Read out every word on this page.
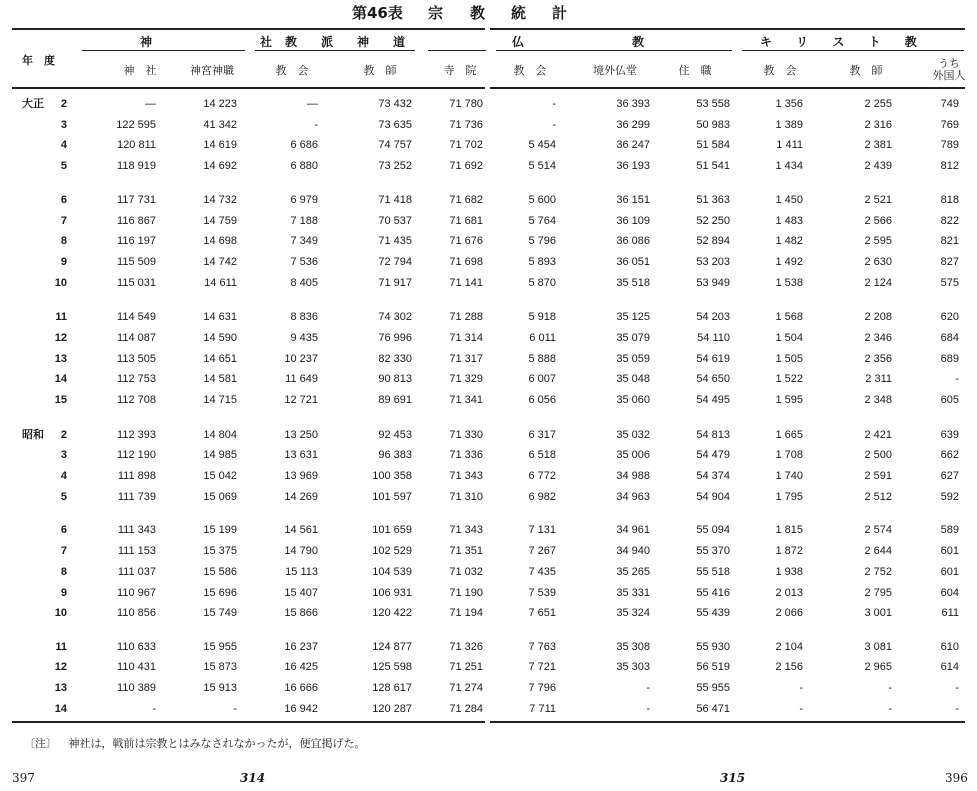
第46表 宗 教 統 計
年　度
神　　社
教派神道	仏　　　教	キ リ ス ト 教
神　社	神宮神職	教　会	教　師	寺　院	教　会	境外仏堂	住　職	教　会	教　師
うち
外国人
大正	2	—	14 223	—	73 432	71 780	-	36 393	53 558	1 356	2 255	749
3	122 595	41 342	-	73 635	71 736	-	36 299	50 983	1 389	2 316	769
4	120 811	14 619	6 686	74 757	71 702	5 454	36 247	51 584	1 411	2 381	789
5	118 919	14 692	6 880	73 252	71 692	5 514	36 193	51 541	1 434	2 439	812
6	117 731	14 732	6 979	71 418	71 682	5 600	36 151	51 363	1 450	2 521	818
7	116 867	14 759	7 188	70 537	71 681	5 764	36 109	52 250	1 483	2 566	822
8	116 197	14 698	7 349	71 435	71 676	5 796	36 086	52 894	1 482	2 595	821
9	115 509	14 742	7 536	72 794	71 698	5 893	36 051	53 203	1 492	2 630	827
10	115 031	14 611	8 405	71 917	71 141	5 870	35 518	53 949	1 538	2 124	575
11	114 549	14 631	8 836	74 302	71 288	5 918	35 125	54 203	1 568	2 208	620
12	114 087	14 590	9 435	76 996	71 314	6 011	35 079	54 110	1 504	2 346	684
13	113 505	14 651	10 237	82 330	71 317	5 888	35 059	54 619	1 505	2 356	689
14	112 753	14 581	11 649	90 813	71 329	6 007	35 048	54 650	1 522	2 311	-
15	112 708	14 715	12 721	89 691	71 341	6 056	35 060	54 495	1 595	2 348	605
昭和	2	112 393	14 804	13 250	92 453	71 330	6 317	35 032	54 813	1 665	2 421	639
3	112 190	14 985	13 631	96 383	71 336	6 518	35 006	54 479	1 708	2 500	662
4	111 898	15 042	13 969	100 358	71 343	6 772	34 988	54 374	1 740	2 591	627
5	111 739	15 069	14 269	101 597	71 310	6 982	34 963	54 904	1 795	2 512	592
6	111 343	15 199	14 561	101 659	71 343	7 131	34 961	55 094	1 815	2 574	589
7	111 153	15 375	14 790	102 529	71 351	7 267	34 940	55 370	1 872	2 644	601
8	111 037	15 586	15 113	104 539	71 032	7 435	35 265	55 518	1 938	2 752	601
9	110 967	15 696	15 407	106 931	71 190	7 539	35 331	55 416	2 013	2 795	604
10	110 856	15 749	15 866	120 422	71 194	7 651	35 324	55 439	2 066	3 001	611
11	110 633	15 955	16 237	124 877	71 326	7 763	35 308	55 930	2 104	3 081	610
12	110 431	15 873	16 425	125 598	71 251	7 721	35 303	56 519	2 156	2 965	614
13	110 389	15 913	16 666	128 617	71 274	7 796	-	55 955	-	-	-
14	-	-	16 942	120 287	71 284	7 711	-	56 471	-	-	-
〔注〕 神社は，戦前は宗教とはみなされなかったが，便宜掲げた。
397	314	315	396
